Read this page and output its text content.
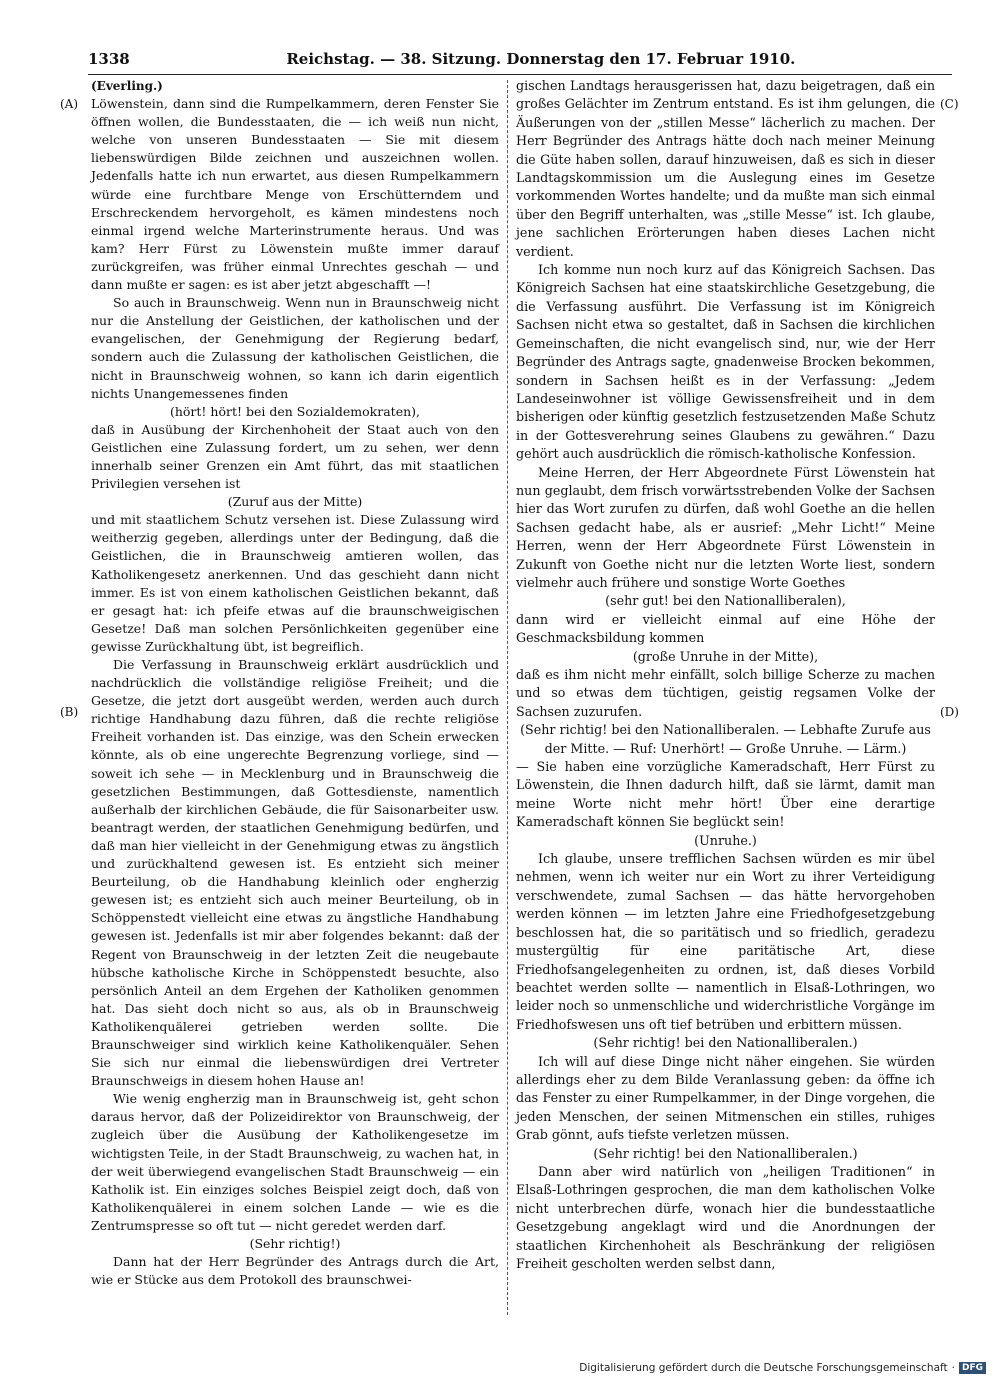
1338	Reichstag. — 38. Sitzung. Donnerstag den 17. Februar 1910.
(A)
(B)
(C)
(D)
(Everling.)

Löwenstein, dann sind die Rumpelkammern, deren Fenster Sie öffnen wollen, die Bundesstaaten, die — ich weiß nun nicht, welche von unseren Bundesstaaten — Sie mit diesem liebenswürdigen Bilde zeichnen und auszeichnen wollen. Jedenfalls hatte ich nun erwartet, aus diesen Rumpelkammern würde eine furchtbare Menge von Erschütterndem und Erschreckendem hervorgeholt, es kämen mindestens noch einmal irgend welche Marterinstrumente heraus. Und was kam? Herr Fürst zu Löwenstein mußte immer darauf zurückgreifen, was früher einmal Unrechtes geschah — und dann mußte er sagen: es ist aber jetzt abgeschafft —!

So auch in Braunschweig. Wenn nun in Braunschweig nicht nur die Anstellung der Geistlichen, der katholischen und der evangelischen, der Genehmigung der Regierung bedarf, sondern auch die Zulassung der katholischen Geistlichen, die nicht in Braunschweig wohnen, so kann ich darin eigentlich nichts Unangemessenes finden

(hört! hört! bei den Sozialdemokraten),

daß in Ausübung der Kirchenhoheit der Staat auch von den Geistlichen eine Zulassung fordert, um zu sehen, wer denn innerhalb seiner Grenzen ein Amt führt, das mit staatlichen Privilegien versehen ist

(Zuruf aus der Mitte)

und mit staatlichem Schutz versehen ist. Diese Zulassung wird weitherzig gegeben, allerdings unter der Bedingung, daß die Geistlichen, die in Braunschweig amtieren wollen, das Katholikengesetz anerkennen. Und das geschieht dann nicht immer. Es ist von einem katholischen Geistlichen bekannt, daß er gesagt hat: ich pfeife etwas auf die braunschweigischen Gesetze! Daß man solchen Persönlichkeiten gegenüber eine gewisse Zurückhaltung übt, ist begreiflich.

Die Verfassung in Braunschweig erklärt ausdrücklich und nachdrücklich die vollständige religiöse Freiheit; und die Gesetze, die jetzt dort ausgeübt werden, werden auch durch richtige Handhabung dazu führen, daß die rechte religiöse Freiheit vorhanden ist. Das einzige, was den Schein erwecken könnte, als ob eine ungerechte Begrenzung vorliege, sind — soweit ich sehe — in Mecklenburg und in Braunschweig die gesetzlichen Bestimmungen, daß Gottesdienste, namentlich außerhalb der kirchlichen Gebäude, die für Saisonarbeiter usw. beantragt werden, der staatlichen Genehmigung bedürfen, und daß man hier vielleicht in der Genehmigung etwas zu ängstlich und zurückhaltend gewesen ist. Es entzieht sich meiner Beurteilung, ob die Handhabung kleinlich oder engherzig gewesen ist; es entzieht sich auch meiner Beurteilung, ob in Schöppenstedt vielleicht eine etwas zu ängstliche Handhabung gewesen ist. Jedenfalls ist mir aber folgendes bekannt: daß der Regent von Braunschweig in der letzten Zeit die neugebaute hübsche katholische Kirche in Schöppenstedt besuchte, also persönlich Anteil an dem Ergehen der Katholiken genommen hat. Das sieht doch nicht so aus, als ob in Braunschweig Katholikenquälerei getrieben werden sollte. Die Braunschweiger sind wirklich keine Katholikenquäler. Sehen Sie sich nur einmal die liebenswürdigen drei Vertreter Braunschweigs in diesem hohen Hause an!

Wie wenig engherzig man in Braunschweig ist, geht schon daraus hervor, daß der Polizeidirektor von Braunschweig, der zugleich über die Ausübung der Katholikengesetze im wichtigsten Teile, in der Stadt Braunschweig, zu wachen hat, in der weit überwiegend evangelischen Stadt Braunschweig — ein Katholik ist. Ein einziges solches Beispiel zeigt doch, daß von Katholikenquälerei in einem solchen Lande — wie es die Zentrumspresse so oft tut — nicht geredet werden darf.

(Sehr richtig!)

Dann hat der Herr Begründer des Antrags durch die Art, wie er Stücke aus dem Protokoll des braunschwei-

gischen Landtags herausgerissen hat, dazu beigetragen, daß ein großes Gelächter im Zentrum entstand. Es ist ihm gelungen, die Äußerungen von der „stillen Messe“ lächerlich zu machen. Der Herr Begründer des Antrags hätte doch nach meiner Meinung die Güte haben sollen, darauf hinzuweisen, daß es sich in dieser Landtagskommission um die Auslegung eines im Gesetze vorkommenden Wortes handelte; und da mußte man sich einmal über den Begriff unterhalten, was „stille Messe“ ist. Ich glaube, jene sachlichen Erörterungen haben dieses Lachen nicht verdient.

Ich komme nun noch kurz auf das Königreich Sachsen. Das Königreich Sachsen hat eine staatskirchliche Gesetzgebung, die die Verfassung ausführt. Die Verfassung ist im Königreich Sachsen nicht etwa so gestaltet, daß in Sachsen die kirchlichen Gemeinschaften, die nicht evangelisch sind, nur, wie der Herr Begründer des Antrags sagte, gnadenweise Brocken bekommen, sondern in Sachsen heißt es in der Verfassung: „Jedem Landeseinwohner ist völlige Gewissensfreiheit und in dem bisherigen oder künftig gesetzlich festzusetzenden Maße Schutz in der Gottesverehrung seines Glaubens zu gewähren.“ Dazu gehört auch ausdrücklich die römisch-katholische Konfession.

Meine Herren, der Herr Abgeordnete Fürst Löwenstein hat nun geglaubt, dem frisch vorwärtsstrebenden Volke der Sachsen hier das Wort zurufen zu dürfen, daß wohl Goethe an die hellen Sachsen gedacht habe, als er ausrief: „Mehr Licht!“ Meine Herren, wenn der Herr Abgeordnete Fürst Löwenstein in Zukunft von Goethe nicht nur die letzten Worte liest, sondern vielmehr auch frühere und sonstige Worte Goethes

(sehr gut! bei den Nationalliberalen),

dann wird er vielleicht einmal auf eine Höhe der Geschmacksbildung kommen

(große Unruhe in der Mitte),

daß es ihm nicht mehr einfällt, solch billige Scherze zu machen und so etwas dem tüchtigen, geistig regsamen Volke der Sachsen zuzurufen.

(Sehr richtig! bei den Nationalliberalen. — Lebhafte Zurufe aus der Mitte. — Ruf: Unerhört! — Große Unruhe. — Lärm.)

— Sie haben eine vorzügliche Kameradschaft, Herr Fürst zu Löwenstein, die Ihnen dadurch hilft, daß sie lärmt, damit man meine Worte nicht mehr hört! Über eine derartige Kameradschaft können Sie beglückt sein!

(Unruhe.)

Ich glaube, unsere trefflichen Sachsen würden es mir übel nehmen, wenn ich weiter nur ein Wort zu ihrer Verteidigung verschwendete, zumal Sachsen — das hätte hervorgehoben werden können — im letzten Jahre eine Friedhofgesetzgebung beschlossen hat, die so paritätisch und so friedlich, geradezu mustergültig für eine paritätische Art, diese Friedhofsangelegenheiten zu ordnen, ist, daß dieses Vorbild beachtet werden sollte — namentlich in Elsaß-Lothringen, wo leider noch so unmenschliche und widerchristliche Vorgänge im Friedhofswesen uns oft tief betrüben und erbittern müssen.

(Sehr richtig! bei den Nationalliberalen.)

Ich will auf diese Dinge nicht näher eingehen. Sie würden allerdings eher zu dem Bilde Veranlassung geben: da öffne ich das Fenster zu einer Rumpelkammer, in der Dinge vorgehen, die jeden Menschen, der seinen Mitmenschen ein stilles, ruhiges Grab gönnt, aufs tiefste verletzen müssen.

(Sehr richtig! bei den Nationalliberalen.)

Dann aber wird natürlich von „heiligen Traditionen“ in Elsaß-Lothringen gesprochen, die man dem katholischen Volke nicht unterbrechen dürfe, wonach hier die bundesstaatliche Gesetzgebung angeklagt wird und die Anordnungen der staatlichen Kirchenhoheit als Beschränkung der religiösen Freiheit gescholten werden selbst dann,

Digitalisierung gefördert durch die Deutsche Forschungsgemeinschaft · DFG
